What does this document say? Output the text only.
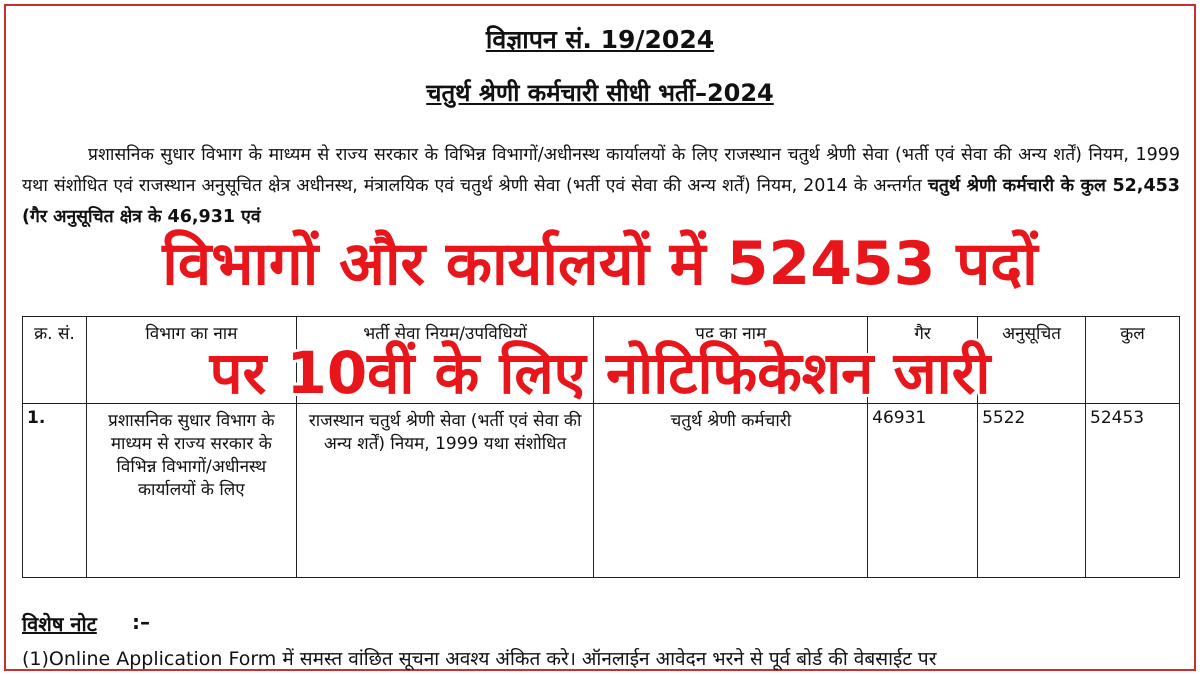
विज्ञापन सं. 19/2024
चतुर्थ श्रेणी कर्मचारी सीधी भर्ती–2024

प्रशासनिक सुधार विभाग के माध्यम से राज्य सरकार के विभिन्न विभागों/अधीनस्थ कार्यालयों के लिए राजस्थान चतुर्थ श्रेणी सेवा (भर्ती एवं सेवा की अन्य शर्तें) नियम, 1999 यथा संशोधित एवं राजस्थान अनुसूचित क्षेत्र अधीनस्थ, मंत्रालयिक एवं चतुर्थ श्रेणी सेवा (भर्ती एवं सेवा की अन्य शर्तें) नियम, 2014 के अन्तर्गत चतुर्थ श्रेणी कर्मचारी के कुल 52,453 (गैर अनुसूचित क्षेत्र के 46,931 एवं

क्र. सं.	विभाग का नाम	भर्ती सेवा नियम/उपविधियों	पद का नाम	गैर	अनुसूचित	कुल
1.	प्रशासनिक सुधार विभाग के माध्यम से राज्य सरकार के विभिन्न विभागों/अधीनस्थ कार्यालयों के लिए	राजस्थान चतुर्थ श्रेणी सेवा (भर्ती एवं सेवा की अन्य शर्तें) नियम, 1999 यथा संशोधित	चतुर्थ श्रेणी कर्मचारी	46931	5522	52453
विशेष नोट :–
(1)Online Application Form में समस्त वांछित सूचना अवश्य अंकित करे। ऑनलाईन आवेदन भरने से पूर्व बोर्ड की वेबसाईट पर
विभागों और कार्यालयों में 52453 पदों
पर 10वीं के लिए नोटिफिकेशन जारी
